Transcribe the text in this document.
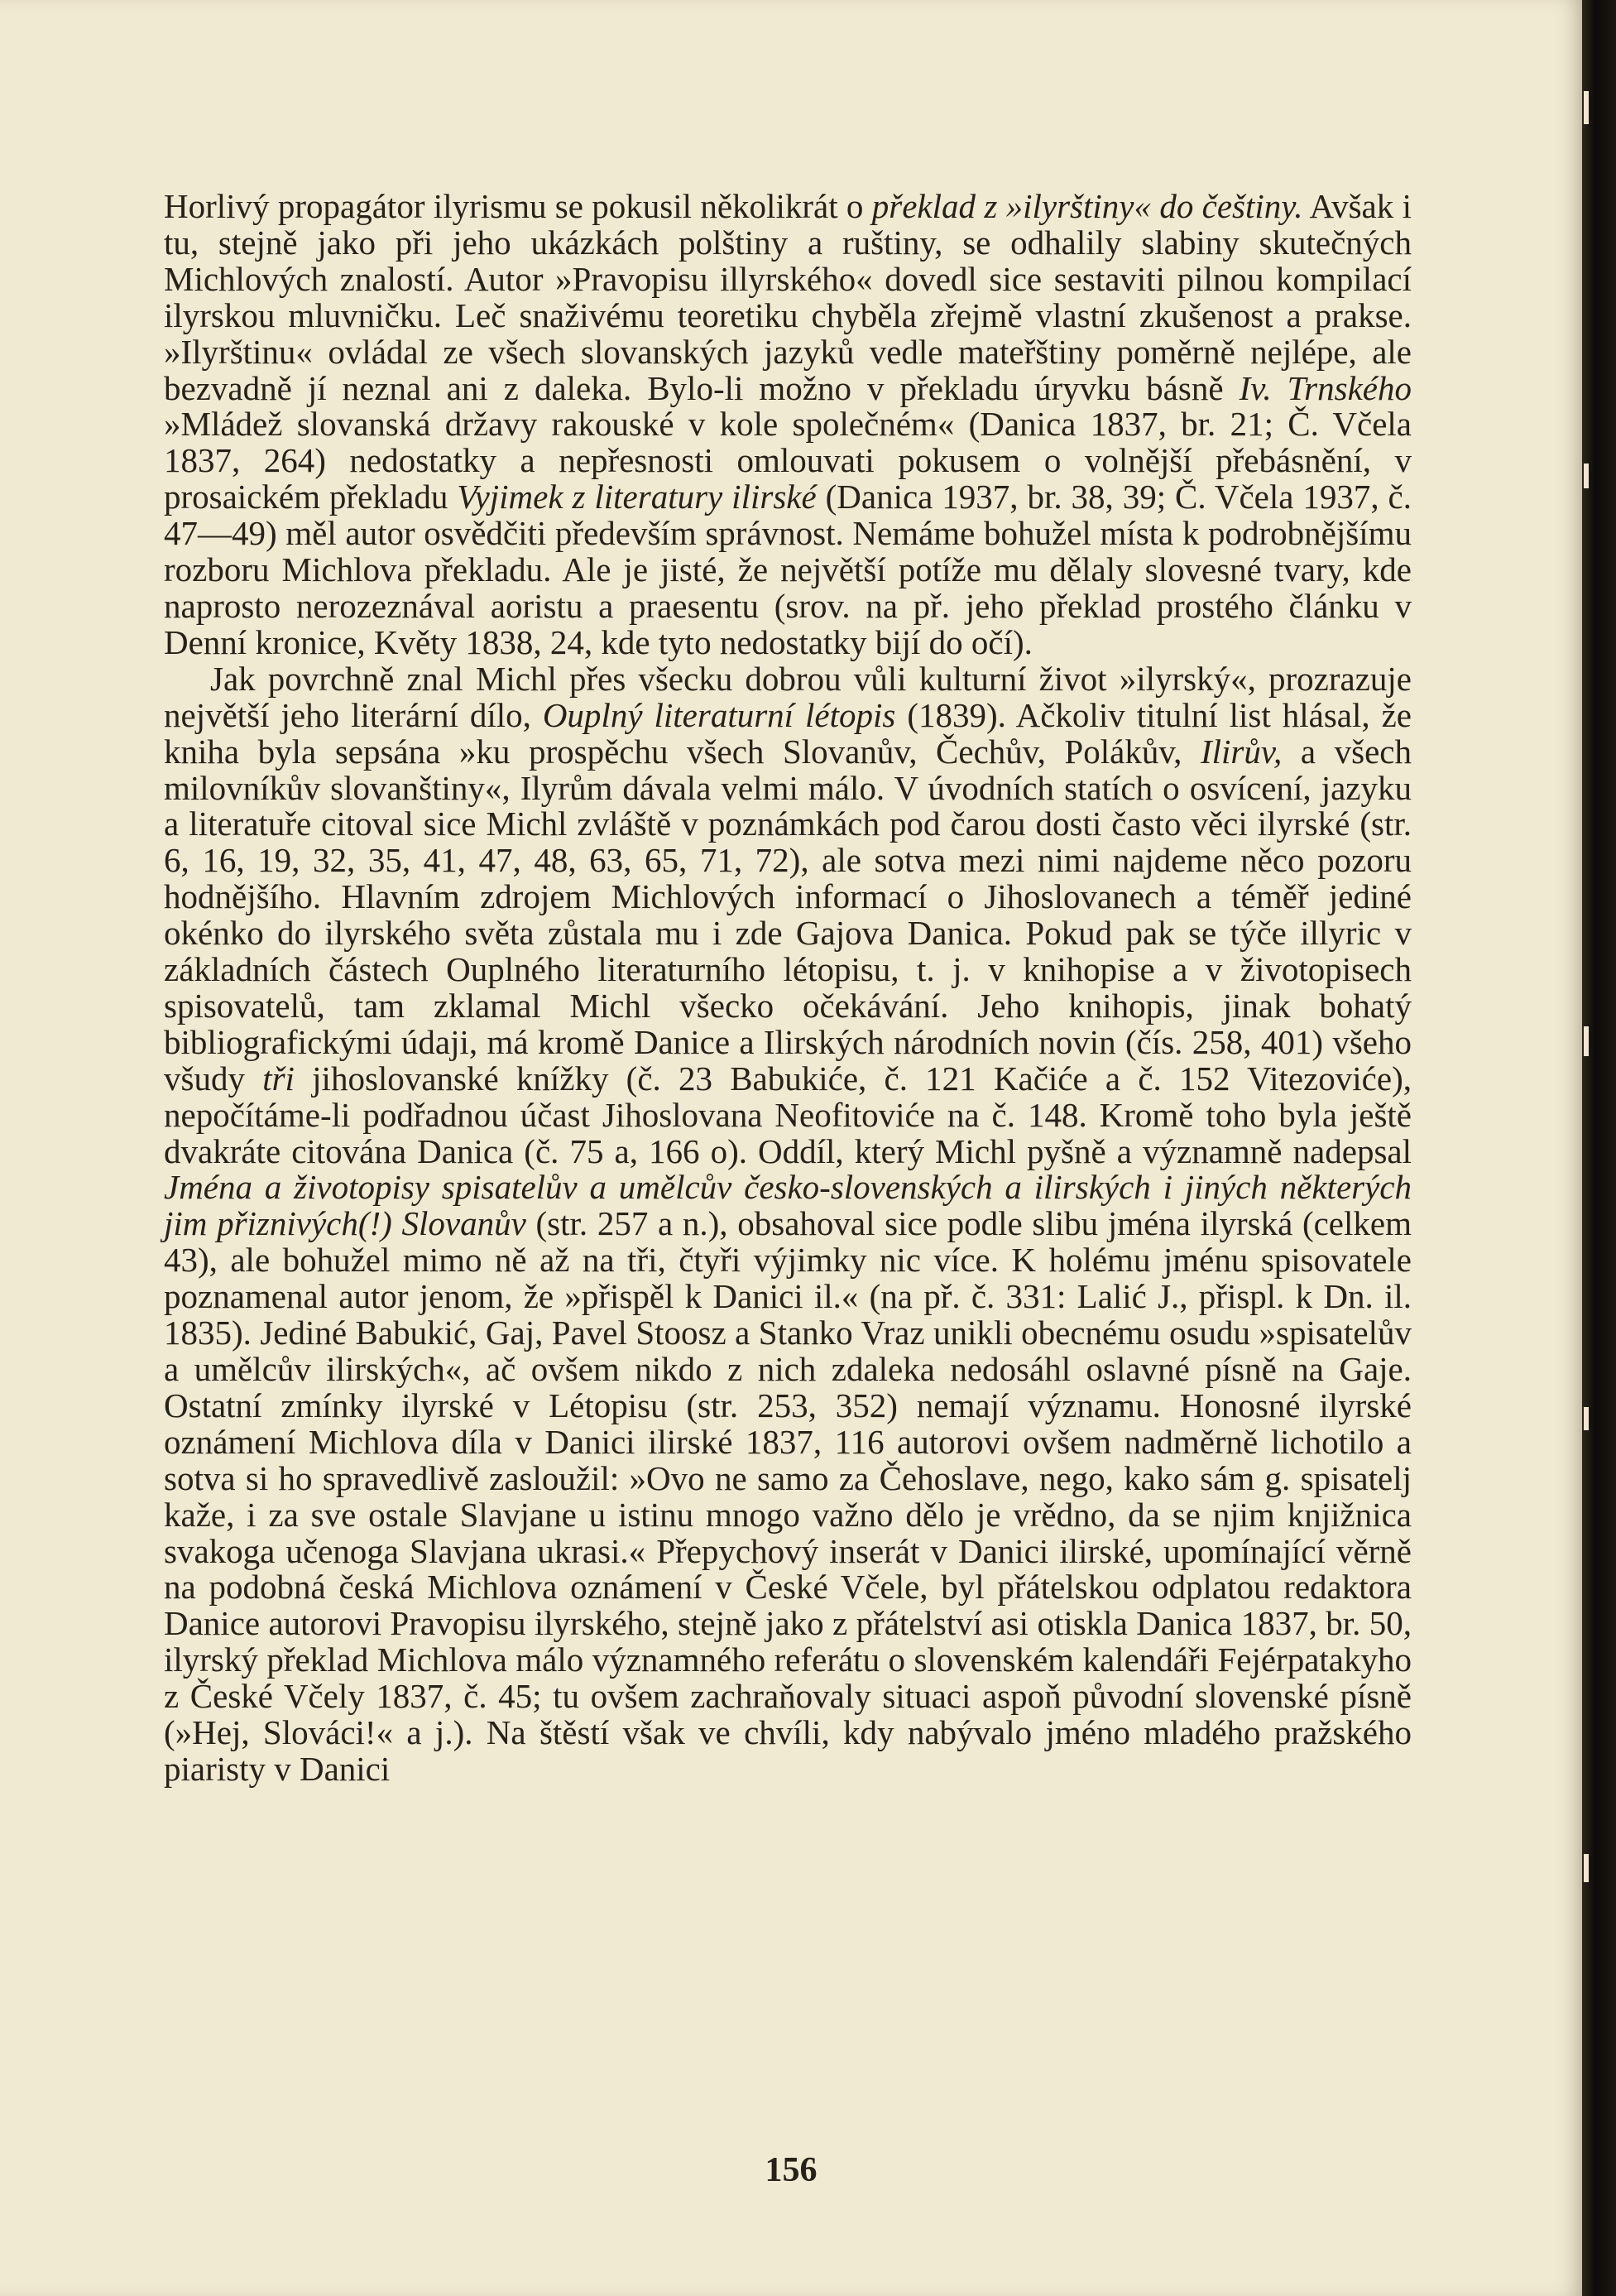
Horlivý propagátor ilyrismu se pokusil několikrát o překlad z »ilyrštiny« do češtiny. Avšak i tu, stejně jako při jeho ukázkách polštiny a ruštiny, se odhalily slabiny skutečných Michlových znalostí. Autor »Pravopisu illyrského« dovedl sice sestaviti pilnou kompilací ilyrskou mluvničku. Leč snaživému teoretiku chyběla zřejmě vlastní zkušenost a prakse. »Ilyrštinu« ovládal ze všech slovanských jazyků vedle mateřštiny poměrně nejlépe, ale bezvadně jí neznal ani z daleka. Bylo-li možno v překladu úryvku básně Iv. Trnského »Mládež slovanská državy rakouské v kole společném« (Danica 1837, br. 21; Č. Včela 1837, 264) nedostatky a nepřesnosti omlouvati pokusem o volnější přebásnění, v prosaickém překladu Vyjimek z literatury ilirské (Danica 1937, br. 38, 39; Č. Včela 1937, č. 47—49) měl autor osvědčiti především správnost. Nemáme bohužel místa k podrobnějšímu rozboru Michlova překladu. Ale je jisté, že největší potíže mu dělaly slovesné tvary, kde naprosto nerozeznával aoristu a praesentu (srov. na př. jeho překlad prostého článku v Denní kronice, Květy 1838, 24, kde tyto nedostatky bijí do očí).

Jak povrchně znal Michl přes všecku dobrou vůli kulturní život »ilyrský«, prozrazuje největší jeho literární dílo, Ouplný literaturní létopis (1839). Ačkoliv titulní list hlásal, že kniha byla sepsána »ku prospěchu všech Slovanův, Čechův, Polákův, Ilirův, a všech milovníkův slovanštiny«, Ilyrům dávala velmi málo. V úvodních statích o osvícení, jazyku a literatuře citoval sice Michl zvláště v poznámkách pod čarou dosti často věci ilyrské (str. 6, 16, 19, 32, 35, 41, 47, 48, 63, 65, 71, 72), ale sotva mezi nimi najdeme něco pozoru hodnějšího. Hlavním zdrojem Michlových informací o Jihoslovanech a téměř jediné okénko do ilyrského světa zůstala mu i zde Gajova Danica. Pokud pak se týče illyric v základních částech Ouplného literaturního létopisu, t. j. v knihopise a v životopisech spisovatelů, tam zklamal Michl všecko očekávání. Jeho knihopis, jinak bohatý bibliografickými údaji, má kromě Danice a Ilirských národních novin (čís. 258, 401) všeho všudy tři jihoslovanské knížky (č. 23 Babukiće, č. 121 Kačiće a č. 152 Vitezoviće), nepočítáme-li podřadnou účast Jihoslovana Neofitoviće na č. 148. Kromě toho byla ještě dvakráte citována Danica (č. 75 a, 166 o). Oddíl, který Michl pyšně a významně nadepsal Jména a životopisy spisatelův a umělcův česko-slovenských a ilirských i jiných některých jim přiznivých(!) Slovanův (str. 257 a n.), obsahoval sice podle slibu jména ilyrská (celkem 43), ale bohužel mimo ně až na tři, čtyři výjimky nic více. K holému jménu spisovatele poznamenal autor jenom, že »přispěl k Danici il.« (na př. č. 331: Lalić J., přispl. k Dn. il. 1835). Jediné Babukić, Gaj, Pavel Stoosz a Stanko Vraz unikli obecnému osudu »spisatelův a umělcův ilirských«, ač ovšem nikdo z nich zdaleka nedosáhl oslavné písně na Gaje. Ostatní zmínky ilyrské v Létopisu (str. 253, 352) nemají významu. Honosné ilyrské oznámení Michlova díla v Danici ilirské 1837, 116 autorovi ovšem nadměrně lichotilo a sotva si ho spravedlivě zasloužil: »Ovo ne samo za Čehoslave, nego, kako sám g. spisatelj kaže, i za sve ostale Slavjane u istinu mnogo važno dělo je vrědno, da se njim knjižnica svakoga učenoga Slavjana ukrasi.« Přepychový inserát v Danici ilirské, upomínající věrně na podobná česká Michlova oznámení v České Včele, byl přátelskou odplatou redaktora Danice autorovi Pravopisu ilyrského, stejně jako z přátelství asi otiskla Danica 1837, br. 50, ilyrský překlad Michlova málo významného referátu o slovenském kalendáři Fejérpatakyho z České Včely 1837, č. 45; tu ovšem zachraňovaly situaci aspoň původní slovenské písně (»Hej, Slováci!« a j.). Na štěstí však ve chvíli, kdy nabývalo jméno mladého pražského piaristy v Danici

156
